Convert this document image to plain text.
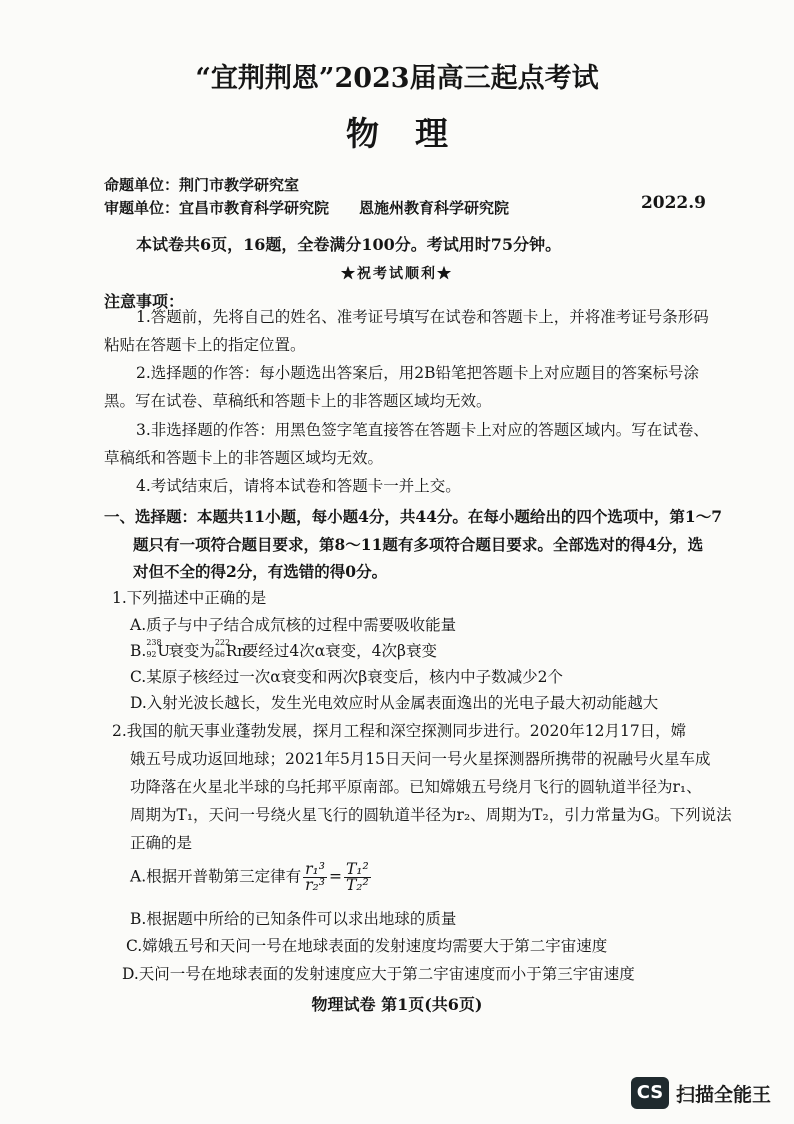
“宜荆荆恩”2023届高三起点考试
物理
命题单位：荆门市教学研究室
审题单位：宜昌市教育科学研究院 恩施州教育科学研究院	2022.9
本试卷共6页，16题，全卷满分100分。考试用时75分钟。
★祝考试顺利★
注意事项：
1.答题前，先将自己的姓名、准考证号填写在试卷和答题卡上，并将准考证号条形码
粘贴在答题卡上的指定位置。
2.选择题的作答：每小题选出答案后，用2B铅笔把答题卡上对应题目的答案标号涂
黑。写在试卷、草稿纸和答题卡上的非答题区域均无效。
3.非选择题的作答：用黑色签字笔直接答在答题卡上对应的答题区域内。写在试卷、
草稿纸和答题卡上的非答题区域均无效。
4.考试结束后，请将本试卷和答题卡一并上交。
一、选择题：本题共11小题，每小题4分，共44分。在每小题给出的四个选项中，第1～7
题只有一项符合题目要求，第8～11题有多项符合题目要求。全部选对的得4分，选
对但不全的得2分，有选错的得0分。
1.下列描述中正确的是
A.质子与中子结合成氘核的过程中需要吸收能量
B. 238
92 U
衰变为 222
86 Rn
要经过4次α衰变，4次β衰变
C.某原子核经过一次α衰变和两次β衰变后，核内中子数减少2个
D.入射光波长越长，发生光电效应时从金属表面逸出的光电子最大初动能越大
2.我国的航天事业蓬勃发展，探月工程和深空探测同步进行。2020年12月17日，嫦
娥五号成功返回地球；2021年5月15日天问一号火星探测器所携带的祝融号火星车成
功降落在火星北半球的乌托邦平原南部。已知嫦娥五号绕月飞行的圆轨道半径为r₁、
周期为T₁，天问一号绕火星飞行的圆轨道半径为r₂、周期为T₂，引力常量为G。下列说法
正确的是
A.根据开普勒第三定律有 $\frac{\text{r₁³}}{\text{r₂³}} = \frac{\text{T₁²}}{\text{T₂²}}$
B.根据题中所给的已知条件可以求出地球的质量
C.嫦娥五号和天问一号在地球表面的发射速度均需要大于第二宇宙速度
D.天问一号在地球表面的发射速度应大于第二宇宙速度而小于第三宇宙速度
物理试卷 第1页(共6页)
CS 扫描全能王
